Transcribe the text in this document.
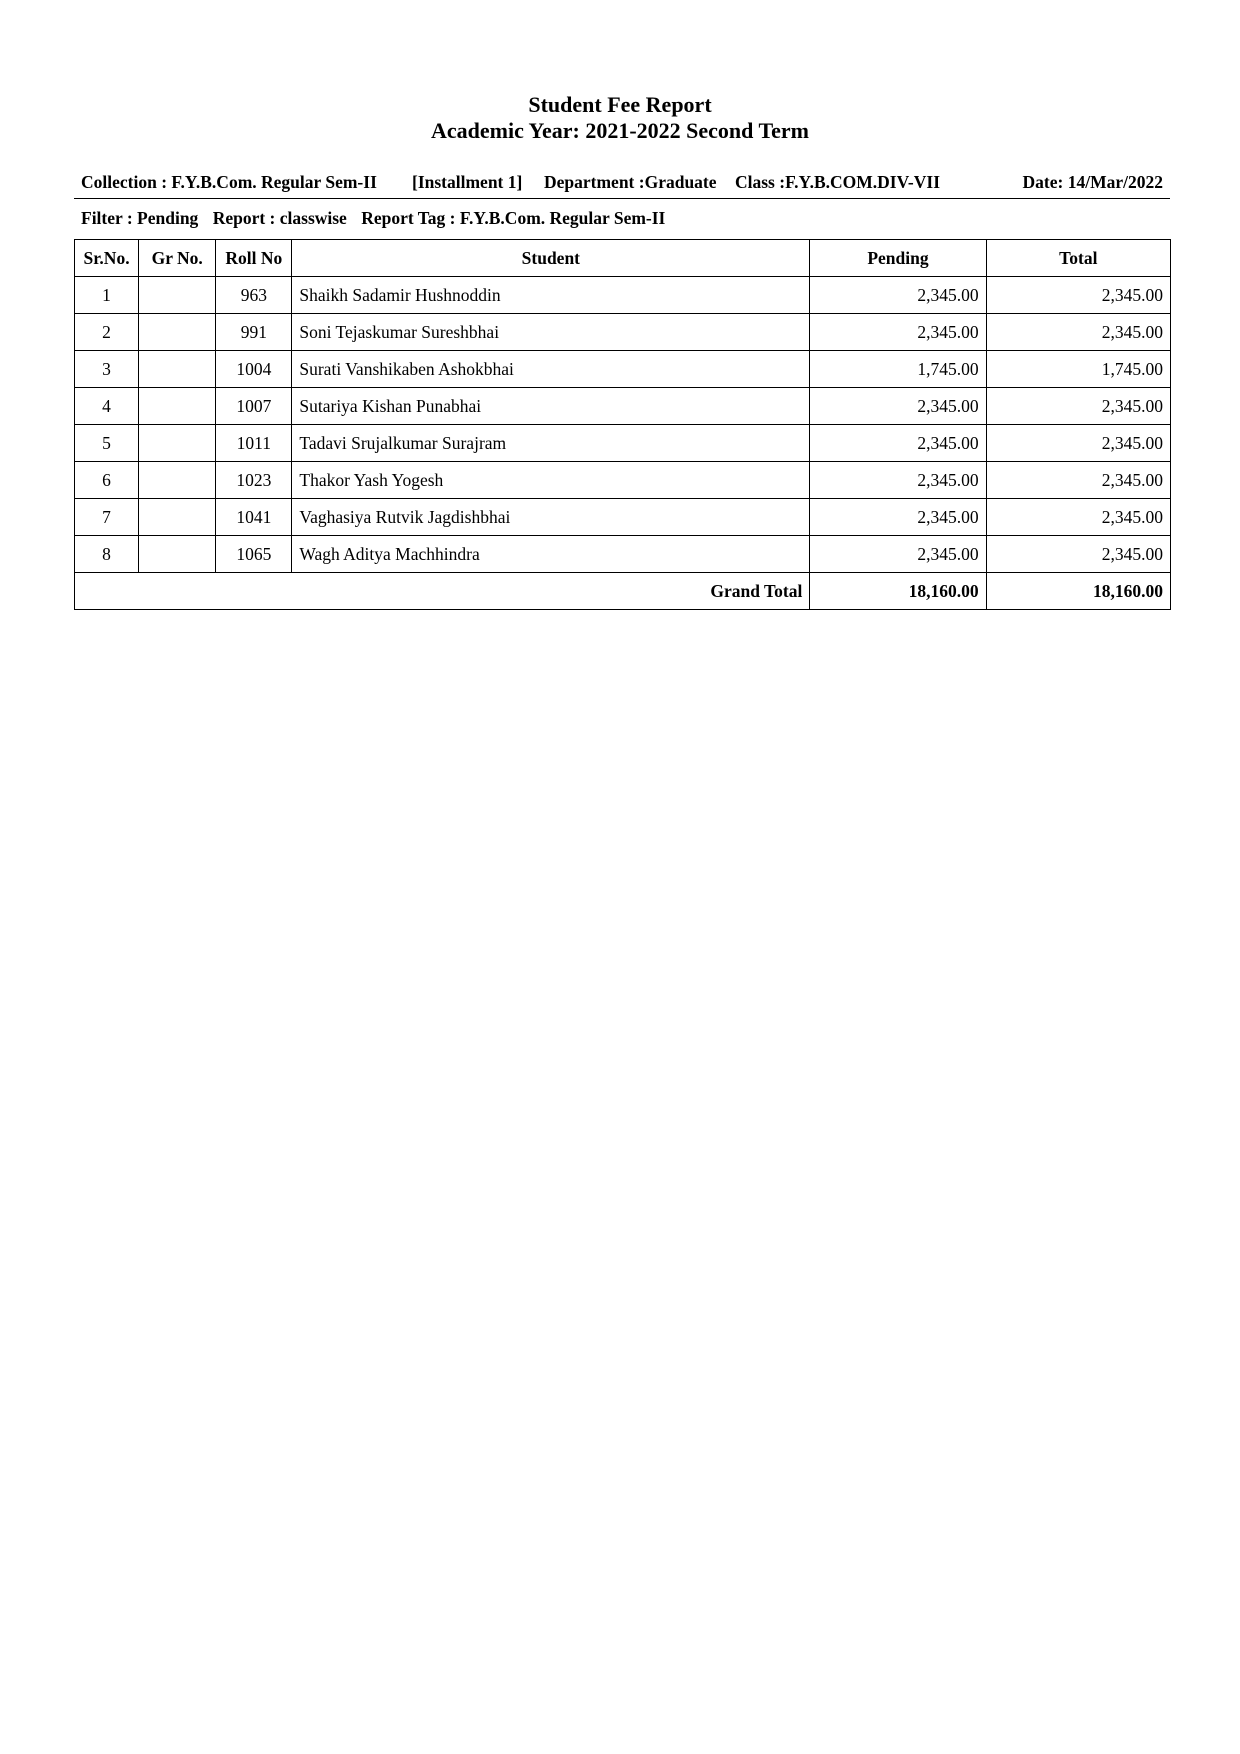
Student Fee Report
Academic Year: 2021-2022 Second Term
Collection : F.Y.B.Com. Regular Sem-II [Installment 1] Department :Graduate Class :F.Y.B.COM.DIV-VII	Date: 14/Mar/2022
Filter : Pending Report : classwise Report Tag : F.Y.B.Com. Regular Sem-II
Sr.No.	Gr No.	Roll No	Student	Pending	Total
1		963	Shaikh Sadamir Hushnoddin	2,345.00	2,345.00
2		991	Soni Tejaskumar Sureshbhai	2,345.00	2,345.00
3		1004	Surati Vanshikaben Ashokbhai	1,745.00	1,745.00
4		1007	Sutariya Kishan Punabhai	2,345.00	2,345.00
5		1011	Tadavi Srujalkumar Surajram	2,345.00	2,345.00
6		1023	Thakor Yash Yogesh	2,345.00	2,345.00
7		1041	Vaghasiya Rutvik Jagdishbhai	2,345.00	2,345.00
8		1065	Wagh Aditya Machhindra	2,345.00	2,345.00
Grand Total				18,160.00	18,160.00
